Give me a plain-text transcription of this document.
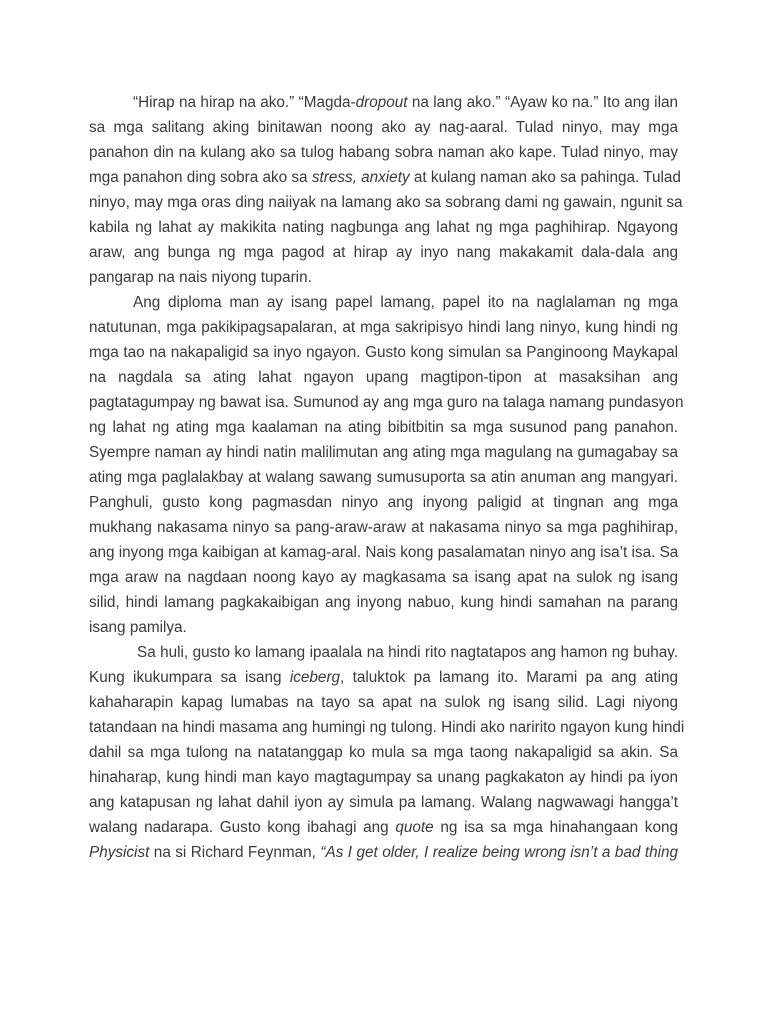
“Hirap na hirap na ako.” “Magda-dropout na lang ako.” “Ayaw ko na.” Ito ang ilan
sa mga salitang aking binitawan noong ako ay nag-aaral. Tulad ninyo, may mga
panahon din na kulang ako sa tulog habang sobra naman ako kape. Tulad ninyo, may
mga panahon ding sobra ako sa stress, anxiety at kulang naman ako sa pahinga. Tulad
ninyo, may mga oras ding naiiyak na lamang ako sa sobrang dami ng gawain, ngunit sa
kabila ng lahat ay makikita nating nagbunga ang lahat ng mga paghihirap. Ngayong
araw, ang bunga ng mga pagod at hirap ay inyo nang makakamit dala-dala ang
pangarap na nais niyong tuparin.
Ang diploma man ay isang papel lamang, papel ito na naglalaman ng mga
natutunan, mga pakikipagsapalaran, at mga sakripisyo hindi lang ninyo, kung hindi ng
mga tao na nakapaligid sa inyo ngayon. Gusto kong simulan sa Panginoong Maykapal
na nagdala sa ating lahat ngayon upang magtipon-tipon at masaksihan ang
pagtatagumpay ng bawat isa. Sumunod ay ang mga guro na talaga namang pundasyon
ng lahat ng ating mga kaalaman na ating bibitbitin sa mga susunod pang panahon.
Syempre naman ay hindi natin malilimutan ang ating mga magulang na gumagabay sa
ating mga paglalakbay at walang sawang sumusuporta sa atin anuman ang mangyari.
Panghuli, gusto kong pagmasdan ninyo ang inyong paligid at tingnan ang mga
mukhang nakasama ninyo sa pang-araw-araw at nakasama ninyo sa mga paghihirap,
ang inyong mga kaibigan at kamag-aral. Nais kong pasalamatan ninyo ang isa’t isa. Sa
mga araw na nagdaan noong kayo ay magkasama sa isang apat na sulok ng isang
silid, hindi lamang pagkakaibigan ang inyong nabuo, kung hindi samahan na parang
isang pamilya.
Sa huli, gusto ko lamang ipaalala na hindi rito nagtatapos ang hamon ng buhay.
Kung ikukumpara sa isang iceberg, taluktok pa lamang ito. Marami pa ang ating
kahaharapin kapag lumabas na tayo sa apat na sulok ng isang silid. Lagi niyong
tatandaan na hindi masama ang humingi ng tulong. Hindi ako naririto ngayon kung hindi
dahil sa mga tulong na natatanggap ko mula sa mga taong nakapaligid sa akin. Sa
hinaharap, kung hindi man kayo magtagumpay sa unang pagkakaton ay hindi pa iyon
ang katapusan ng lahat dahil iyon ay simula pa lamang. Walang nagwawagi hangga’t
walang nadarapa. Gusto kong ibahagi ang quote ng isa sa mga hinahangaan kong
Physicist na si Richard Feynman, “As I get older, I realize being wrong isn’t a bad thing
